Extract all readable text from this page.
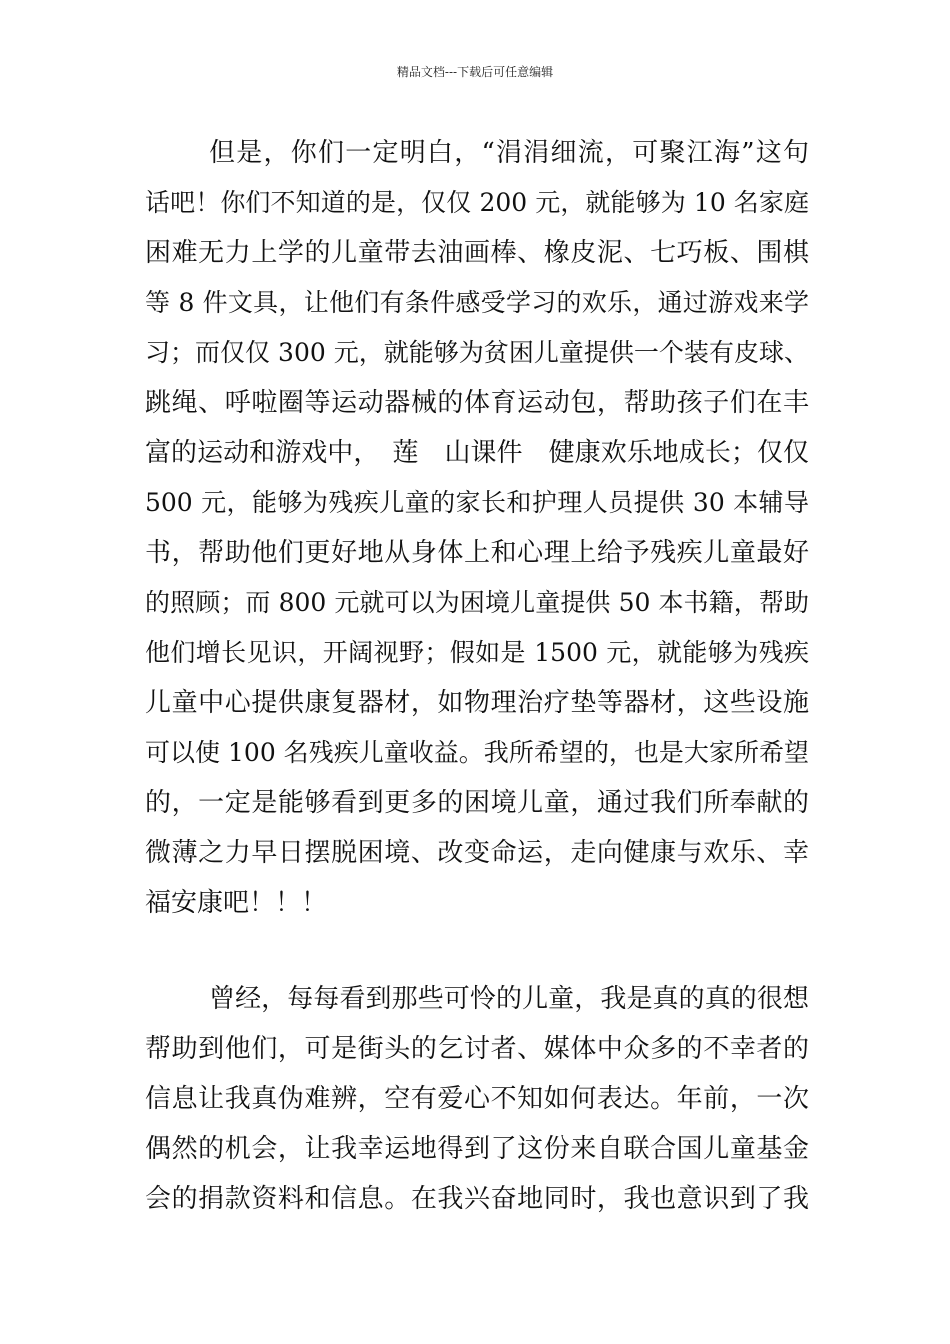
精品文档---下载后可任意编辑
但是，你们一定明白，“涓涓细流，可聚江海”这句
话吧！你们不知道的是，仅仅 200 元，就能够为 10 名家庭
困难无力上学的儿童带去油画棒、橡皮泥、七巧板、围棋
等 8 件文具，让他们有条件感受学习的欢乐，通过游戏来学
习；而仅仅 300 元，就能够为贫困儿童提供一个装有皮球、
跳绳、呼啦圈等运动器械的体育运动包，帮助孩子们在丰
富的运动和游戏中，　莲　山课件　健康欢乐地成长；仅仅
500 元，能够为残疾儿童的家长和护理人员提供 30 本辅导
书，帮助他们更好地从身体上和心理上给予残疾儿童最好
的照顾；而 800 元就可以为困境儿童提供 50 本书籍，帮助
他们增长见识，开阔视野；假如是 1500 元，就能够为残疾
儿童中心提供康复器材，如物理治疗垫等器材，这些设施
可以使 100 名残疾儿童收益。我所希望的，也是大家所希望
的，一定是能够看到更多的困境儿童，通过我们所奉献的
微薄之力早日摆脱困境、改变命运，走向健康与欢乐、幸
福安康吧！！！
曾经，每每看到那些可怜的儿童，我是真的真的很想
帮助到他们，可是街头的乞讨者、媒体中众多的不幸者的
信息让我真伪难辨，空有爱心不知如何表达。年前，一次
偶然的机会，让我幸运地得到了这份来自联合国儿童基金
会的捐款资料和信息。在我兴奋地同时，我也意识到了我
